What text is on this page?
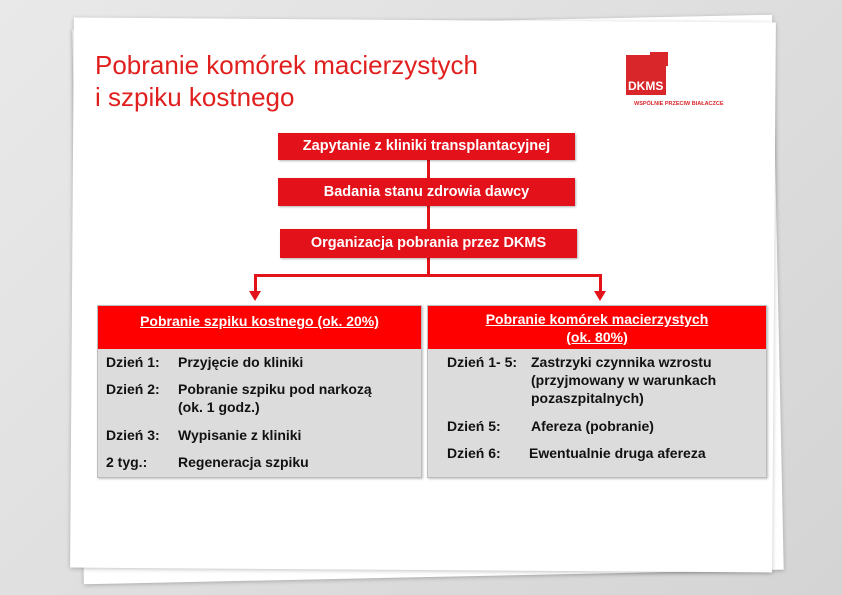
Pobranie komórek macierzystych
i szpiku kostnego	DKMS
WSPÓLNIE PRZECIW BIAŁACZCE
Zapytanie z kliniki transplantacyjnej
Badania stanu zdrowia dawcy
Organizacja pobrania przez DKMS
Pobranie szpiku kostnego (ok. 20%)
Dzień 1: Przyjęcie do kliniki
Dzień 2: Pobranie szpiku pod narkozą
(ok. 1 godz.)
Dzień 3: Wypisanie z kliniki
2 tyg.: Regeneracja szpiku
Pobranie komórek macierzystych
(ok. 80%)
Dzień 1- 5: Zastrzyki czynnika wzrostu
(przyjmowany w warunkach
pozaszpitalnych)
Dzień 5: Afereza (pobranie)
Dzień 6: Ewentualnie druga afereza
